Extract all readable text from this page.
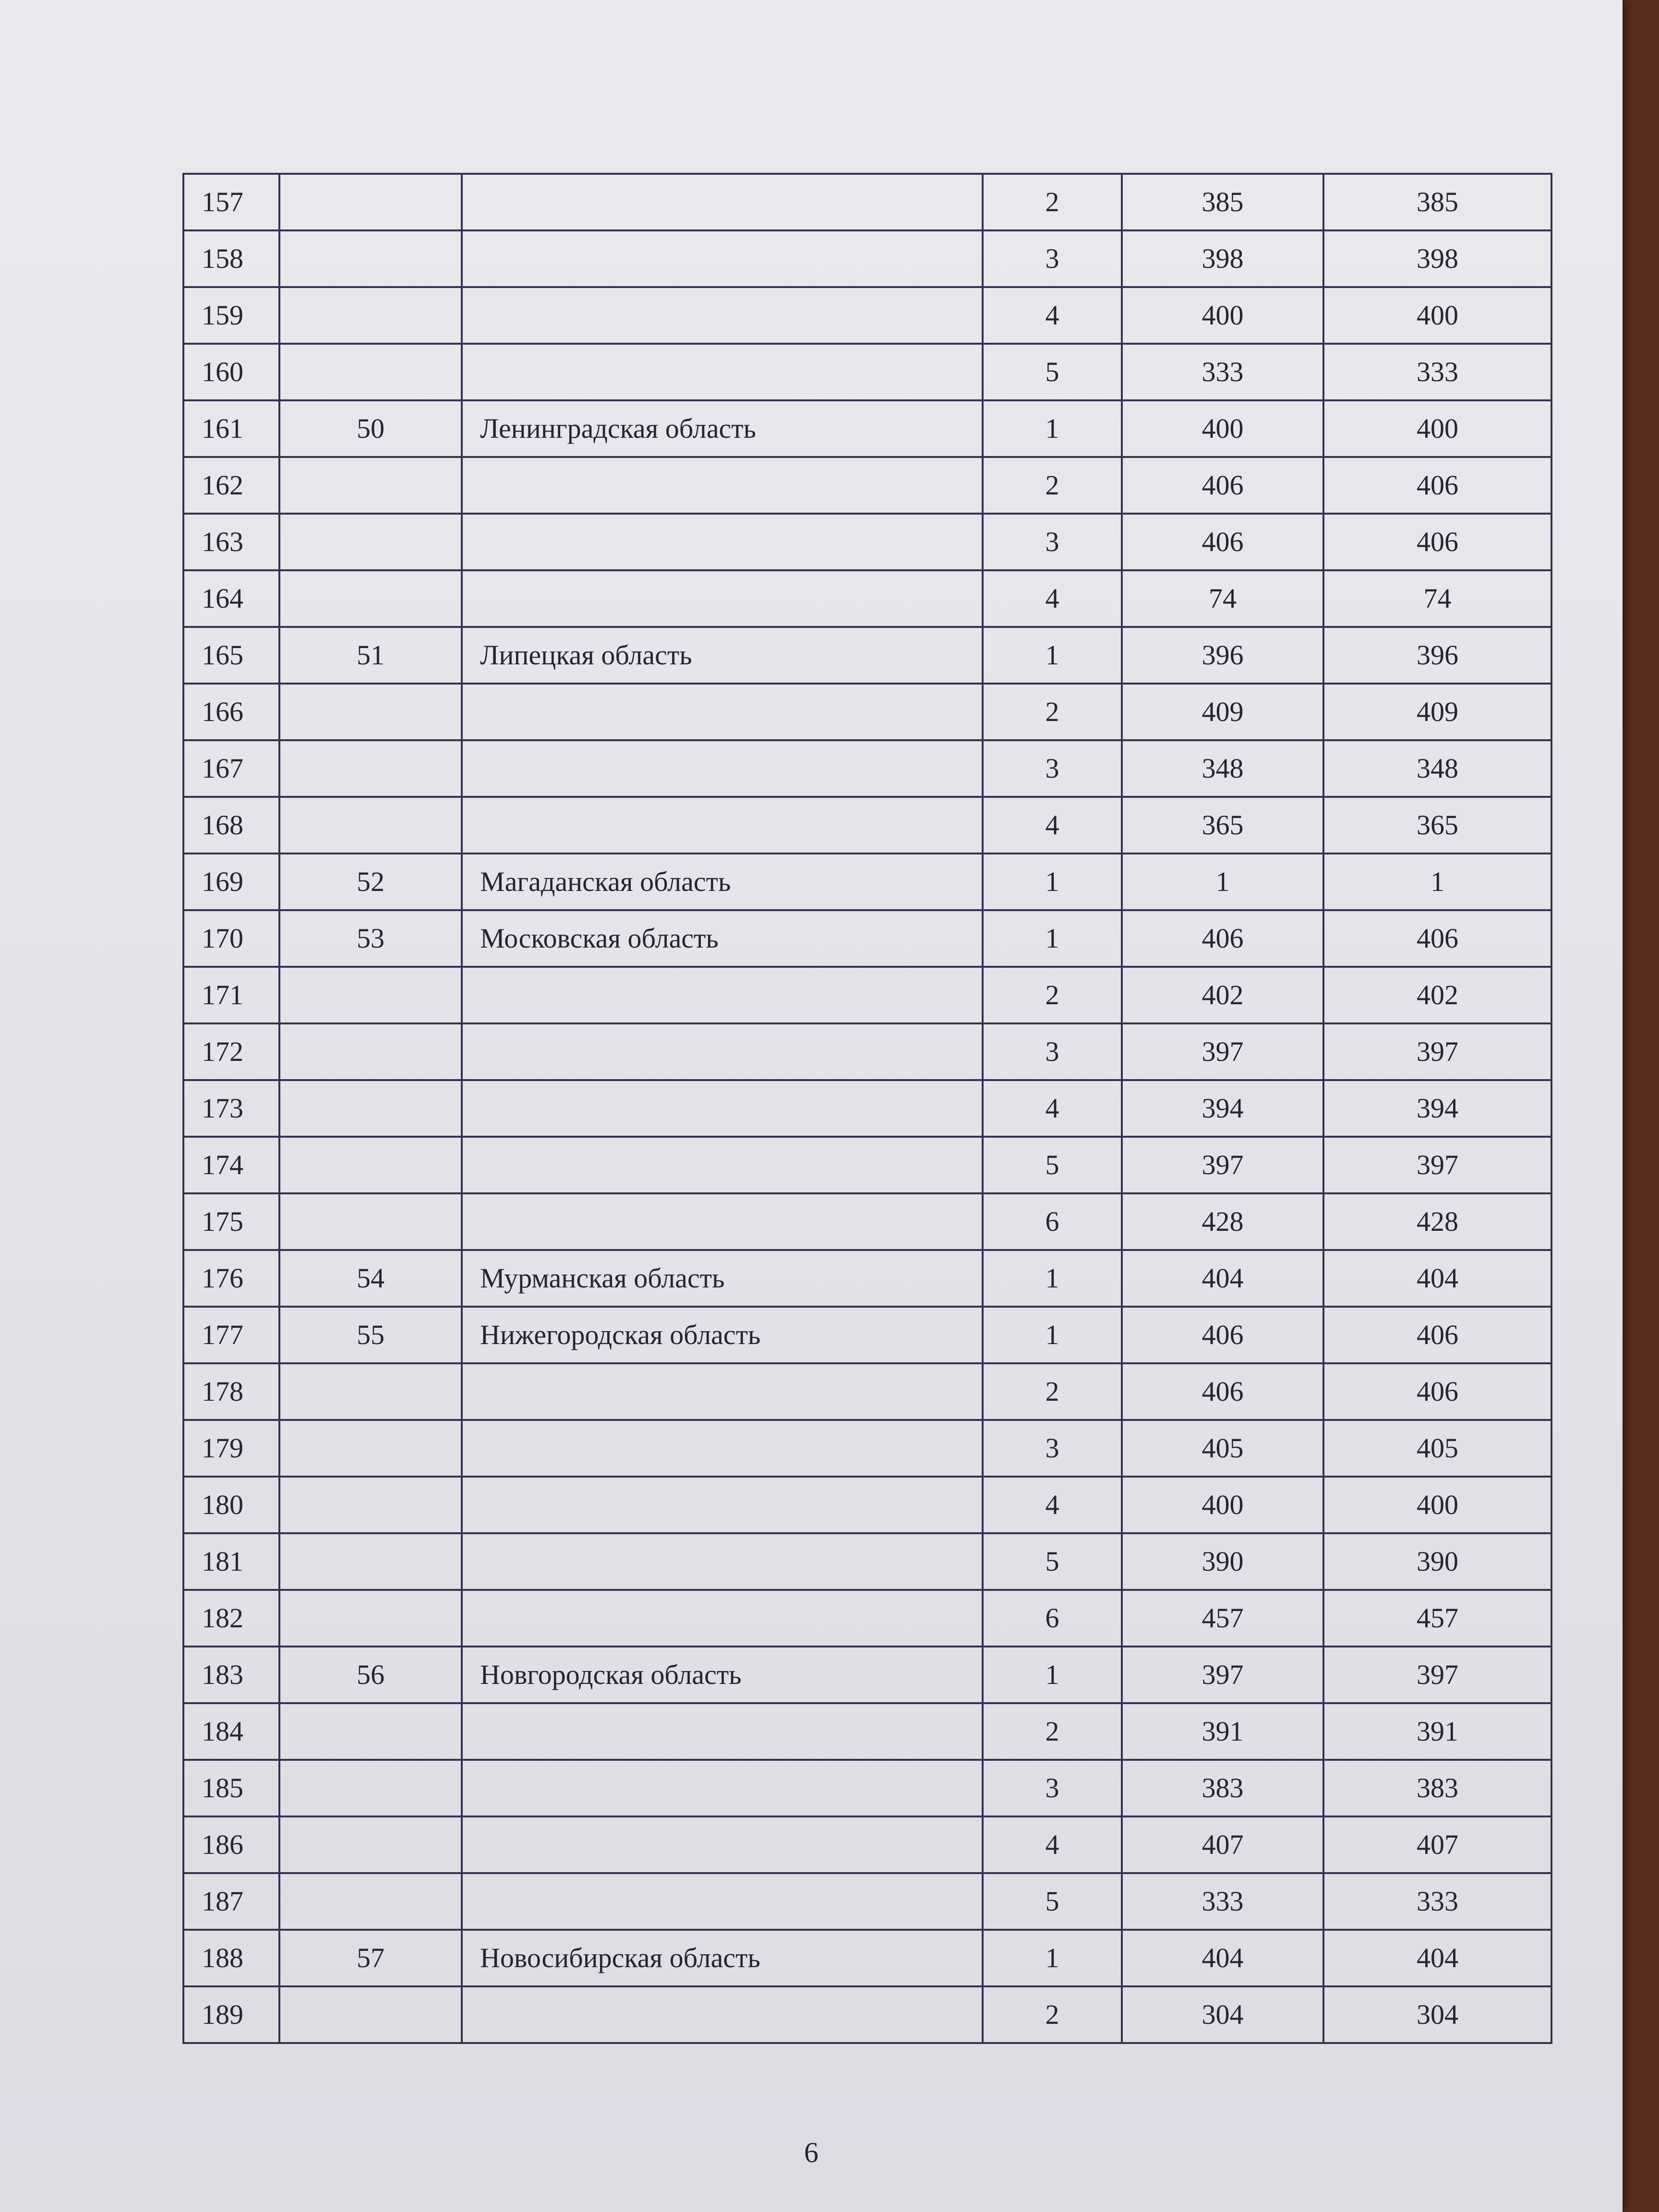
157			2	385	385
158			3	398	398
159			4	400	400
160			5	333	333
161	50	Ленинградская область	1	400	400
162			2	406	406
163			3	406	406
164			4	74	74
165	51	Липецкая область	1	396	396
166			2	409	409
167			3	348	348
168			4	365	365
169	52	Магаданская область	1	1	1
170	53	Московская область	1	406	406
171			2	402	402
172			3	397	397
173			4	394	394
174			5	397	397
175			6	428	428
176	54	Мурманская область	1	404	404
177	55	Нижегородская область	1	406	406
178			2	406	406
179			3	405	405
180			4	400	400
181			5	390	390
182			6	457	457
183	56	Новгородская область	1	397	397
184			2	391	391
185			3	383	383
186			4	407	407
187			5	333	333
188	57	Новосибирская область	1	404	404
189			2	304	304
6
